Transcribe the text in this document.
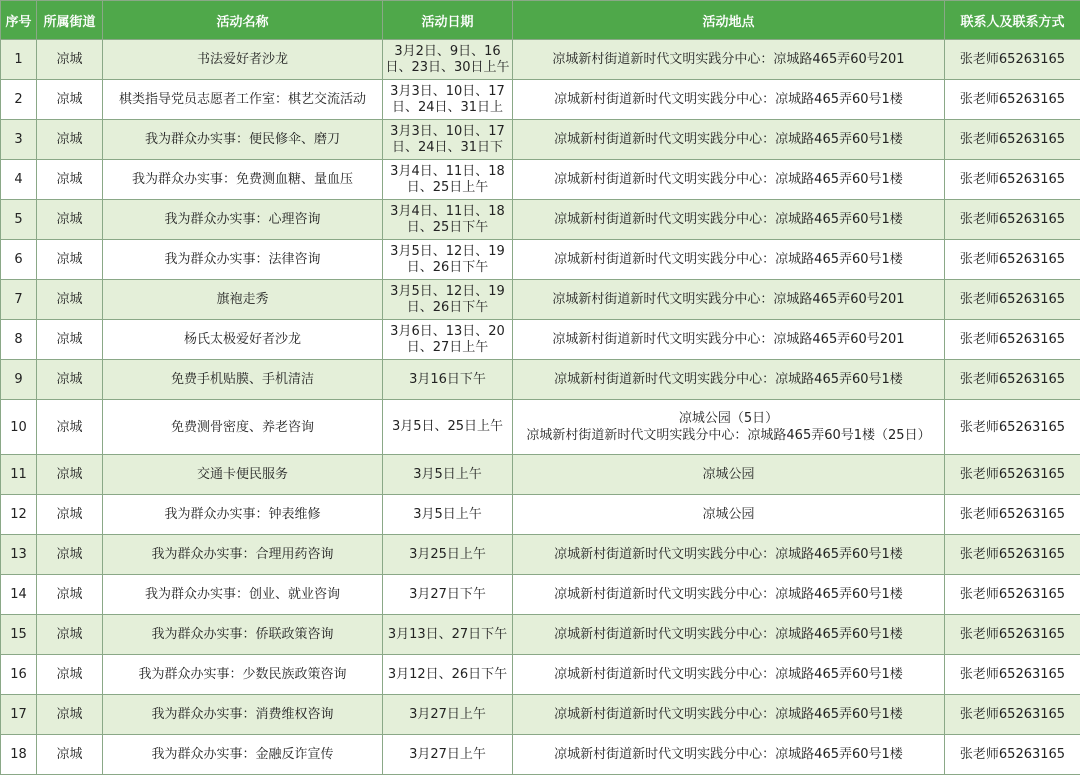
序号	所属街道	活动名称	活动日期	活动地点	联系人及联系方式
1	凉城	书法爱好者沙龙	3月2日、9日、16日、23日、30日上午	凉城新村街道新时代文明实践分中心：凉城路465弄60号201	张老师65263165
2	凉城	棋类指导党员志愿者工作室：棋艺交流活动	3月3日、10日、17日、24日、31日上	凉城新村街道新时代文明实践分中心：凉城路465弄60号1楼	张老师65263165
3	凉城	我为群众办实事：便民修伞、磨刀	3月3日、10日、17日、24日、31日下	凉城新村街道新时代文明实践分中心：凉城路465弄60号1楼	张老师65263165
4	凉城	我为群众办实事：免费测血糖、量血压	3月4日、11日、18日、25日上午	凉城新村街道新时代文明实践分中心：凉城路465弄60号1楼	张老师65263165
5	凉城	我为群众办实事：心理咨询	3月4日、11日、18日、25日下午	凉城新村街道新时代文明实践分中心：凉城路465弄60号1楼	张老师65263165
6	凉城	我为群众办实事：法律咨询	3月5日、12日、19日、26日下午	凉城新村街道新时代文明实践分中心：凉城路465弄60号1楼	张老师65263165
7	凉城	旗袍走秀	3月5日、12日、19日、26日下午	凉城新村街道新时代文明实践分中心：凉城路465弄60号201	张老师65263165
8	凉城	杨氏太极爱好者沙龙	3月6日、13日、20日、27日上午	凉城新村街道新时代文明实践分中心：凉城路465弄60号201	张老师65263165
9	凉城	免费手机贴膜、手机清洁	3月16日下午	凉城新村街道新时代文明实践分中心：凉城路465弄60号1楼	张老师65263165
10	凉城	免费测骨密度、养老咨询	3月5日、25日上午	凉城公园（5日）
凉城新村街道新时代文明实践分中心：凉城路465弄60号1楼（25日）	张老师65263165
11	凉城	交通卡便民服务	3月5日上午	凉城公园	张老师65263165
12	凉城	我为群众办实事：钟表维修	3月5日上午	凉城公园	张老师65263165
13	凉城	我为群众办实事：合理用药咨询	3月25日上午	凉城新村街道新时代文明实践分中心：凉城路465弄60号1楼	张老师65263165
14	凉城	我为群众办实事：创业、就业咨询	3月27日下午	凉城新村街道新时代文明实践分中心：凉城路465弄60号1楼	张老师65263165
15	凉城	我为群众办实事：侨联政策咨询	3月13日、27日下午	凉城新村街道新时代文明实践分中心：凉城路465弄60号1楼	张老师65263165
16	凉城	我为群众办实事：少数民族政策咨询	3月12日、26日下午	凉城新村街道新时代文明实践分中心：凉城路465弄60号1楼	张老师65263165
17	凉城	我为群众办实事：消费维权咨询	3月27日上午	凉城新村街道新时代文明实践分中心：凉城路465弄60号1楼	张老师65263165
18	凉城	我为群众办实事：金融反诈宣传	3月27日上午	凉城新村街道新时代文明实践分中心：凉城路465弄60号1楼	张老师65263165
